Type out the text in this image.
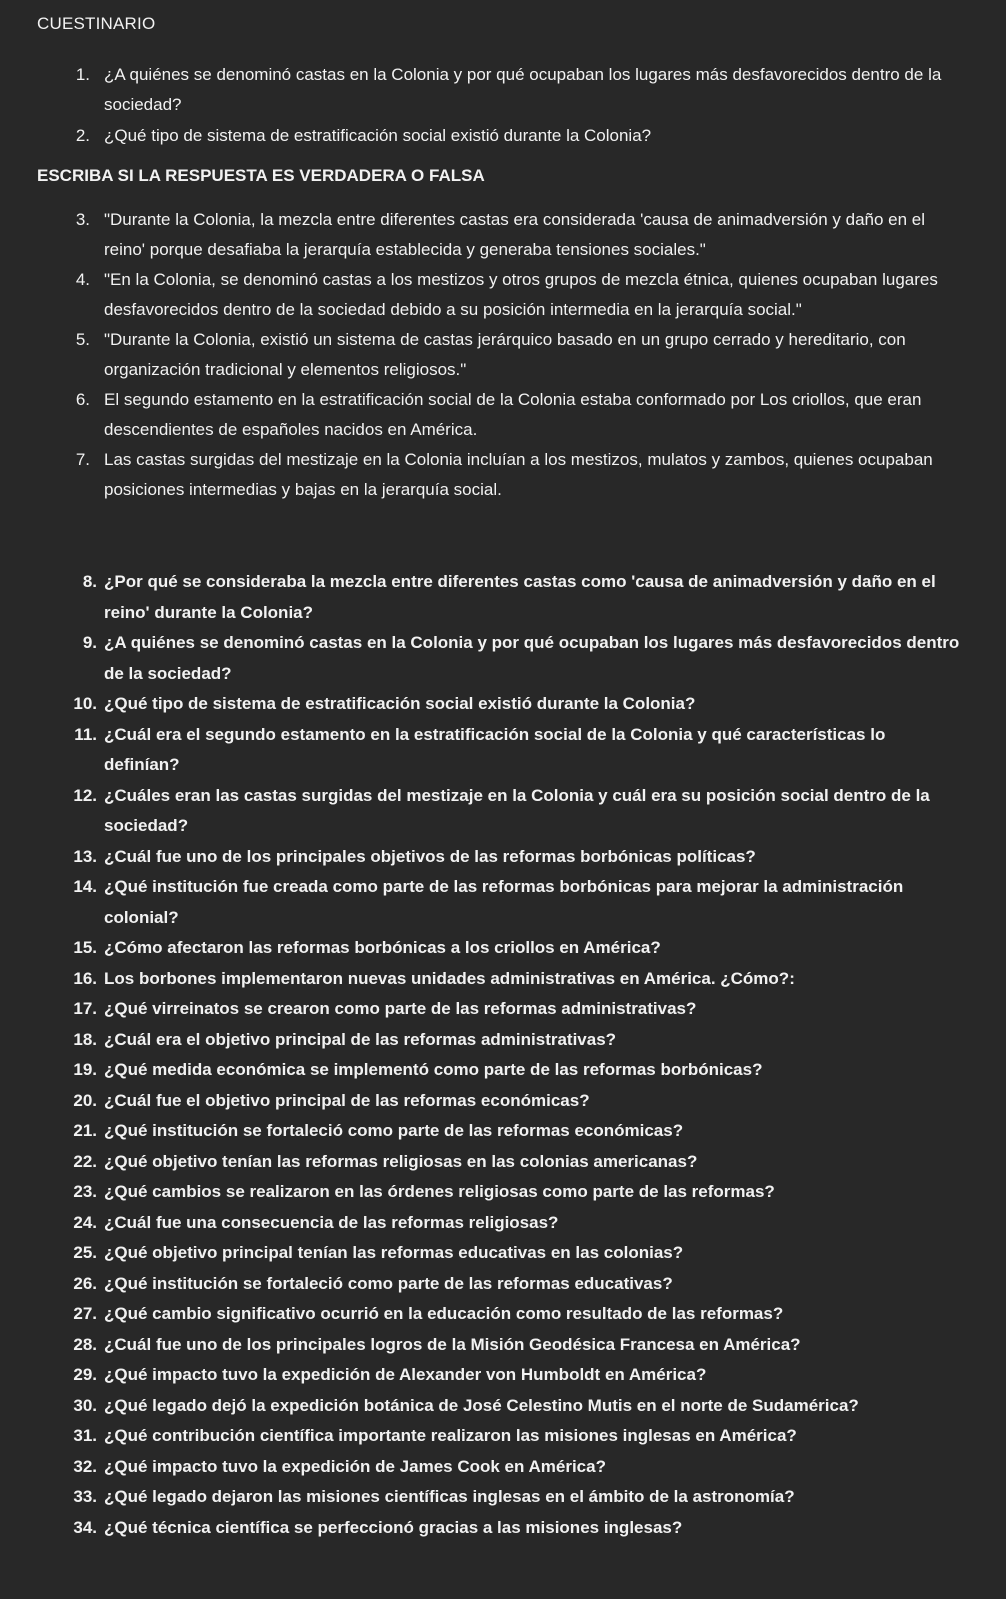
CUESTINARIO
1. ¿A quiénes se denominó castas en la Colonia y por qué ocupaban los lugares más desfavorecidos dentro de la sociedad?
2. ¿Qué tipo de sistema de estratificación social existió durante la Colonia?
ESCRIBA SI LA RESPUESTA ES VERDADERA O FALSA
3. "Durante la Colonia, la mezcla entre diferentes castas era considerada 'causa de animadversión y daño en el reino' porque desafiaba la jerarquía establecida y generaba tensiones sociales."
4. "En la Colonia, se denominó castas a los mestizos y otros grupos de mezcla étnica, quienes ocupaban lugares desfavorecidos dentro de la sociedad debido a su posición intermedia en la jerarquía social."
5. "Durante la Colonia, existió un sistema de castas jerárquico basado en un grupo cerrado y hereditario, con organización tradicional y elementos religiosos."
6. El segundo estamento en la estratificación social de la Colonia estaba conformado por Los criollos, que eran descendientes de españoles nacidos en América.
7. Las castas surgidas del mestizaje en la Colonia incluían a los mestizos, mulatos y zambos, quienes ocupaban posiciones intermedias y bajas en la jerarquía social.
8. ¿Por qué se consideraba la mezcla entre diferentes castas como 'causa de animadversión y daño en el reino' durante la Colonia?
9. ¿A quiénes se denominó castas en la Colonia y por qué ocupaban los lugares más desfavorecidos dentro de la sociedad?
10. ¿Qué tipo de sistema de estratificación social existió durante la Colonia?
11. ¿Cuál era el segundo estamento en la estratificación social de la Colonia y qué características lo definían?
12. ¿Cuáles eran las castas surgidas del mestizaje en la Colonia y cuál era su posición social dentro de la sociedad?
13. ¿Cuál fue uno de los principales objetivos de las reformas borbónicas políticas?
14. ¿Qué institución fue creada como parte de las reformas borbónicas para mejorar la administración colonial?
15. ¿Cómo afectaron las reformas borbónicas a los criollos en América?
16. Los borbones implementaron nuevas unidades administrativas en América. ¿Cómo?:
17. ¿Qué virreinatos se crearon como parte de las reformas administrativas?
18. ¿Cuál era el objetivo principal de las reformas administrativas?
19. ¿Qué medida económica se implementó como parte de las reformas borbónicas?
20. ¿Cuál fue el objetivo principal de las reformas económicas?
21. ¿Qué institución se fortaleció como parte de las reformas económicas?
22. ¿Qué objetivo tenían las reformas religiosas en las colonias americanas?
23. ¿Qué cambios se realizaron en las órdenes religiosas como parte de las reformas?
24. ¿Cuál fue una consecuencia de las reformas religiosas?
25. ¿Qué objetivo principal tenían las reformas educativas en las colonias?
26. ¿Qué institución se fortaleció como parte de las reformas educativas?
27. ¿Qué cambio significativo ocurrió en la educación como resultado de las reformas?
28. ¿Cuál fue uno de los principales logros de la Misión Geodésica Francesa en América?
29. ¿Qué impacto tuvo la expedición de Alexander von Humboldt en América?
30. ¿Qué legado dejó la expedición botánica de José Celestino Mutis en el norte de Sudamérica?
31. ¿Qué contribución científica importante realizaron las misiones inglesas en América?
32. ¿Qué impacto tuvo la expedición de James Cook en América?
33. ¿Qué legado dejaron las misiones científicas inglesas en el ámbito de la astronomía?
34. ¿Qué técnica científica se perfeccionó gracias a las misiones inglesas?
